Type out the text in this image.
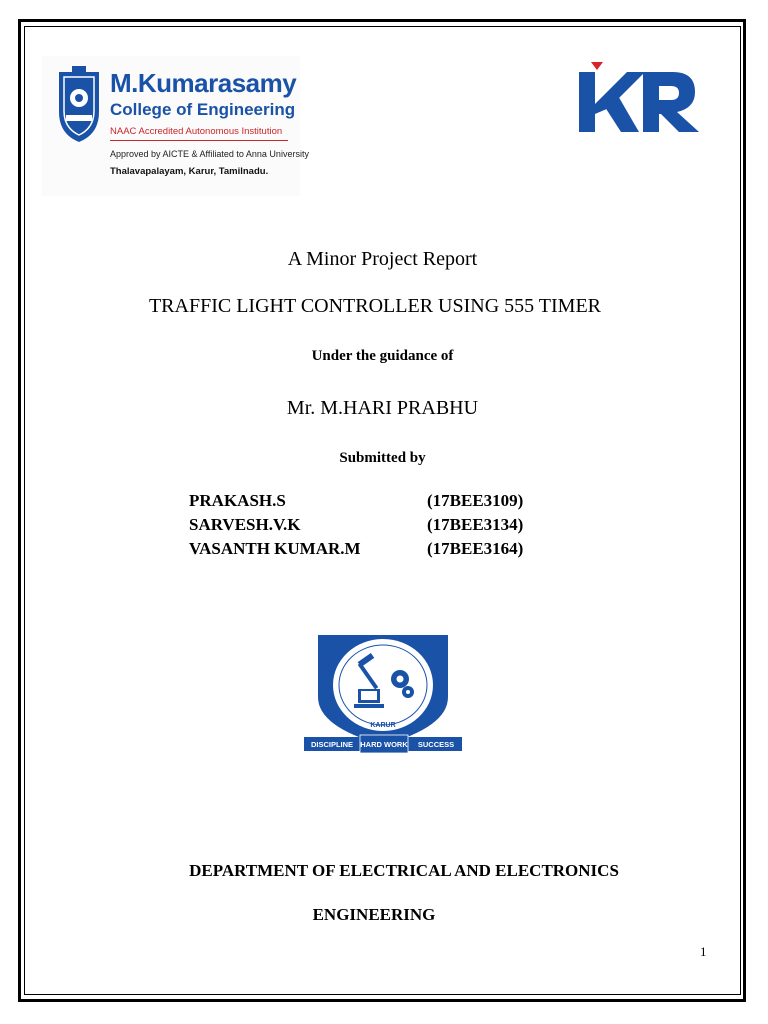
M.Kumarasamy
College of Engineering
NAAC Accredited Autonomous Institution
Approved by AICTE & Affiliated to Anna University
Thalavapalayam, Karur, Tamilnadu.
A Minor Project Report
TRAFFIC LIGHT CONTROLLER USING 555 TIMER
Under the guidance of
Mr. M.HARI PRABHU
Submitted by
PRAKASH.S	(17BEE3109)
SARVESH.V.K	(17BEE3134)
VASANTH KUMAR.M	(17BEE3164)
KARUR
DISCIPLINE HARD WORK SUCCESS
DEPARTMENT OF ELECTRICAL AND ELECTRONICS
ENGINEERING
1
